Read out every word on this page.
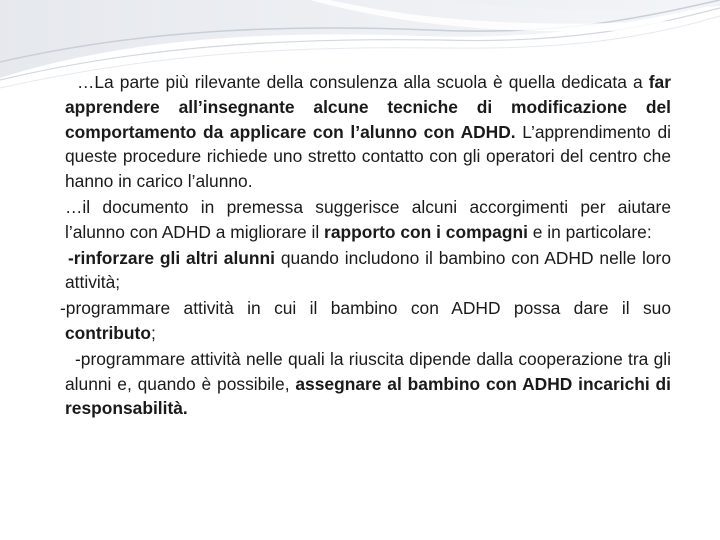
…La parte più rilevante della consulenza alla scuola è quella dedicata a far apprendere all’insegnante alcune tecniche di modificazione del comportamento da applicare con l’alunno con ADHD. L’apprendimento di queste procedure richiede uno stretto contatto con gli operatori del centro che hanno in carico l’alunno.

…il documento in premessa suggerisce alcuni accorgimenti per aiutare l’alunno con ADHD a migliorare il rapporto con i compagni e in particolare:

-rinforzare gli altri alunni quando includono il bambino con ADHD nelle loro attività;

-programmare attività in cui il bambino con ADHD possa dare il suo contributo;

-programmare attività nelle quali la riuscita dipende dalla cooperazione tra gli alunni e, quando è possibile, assegnare al bambino con ADHD incarichi di responsabilità.
